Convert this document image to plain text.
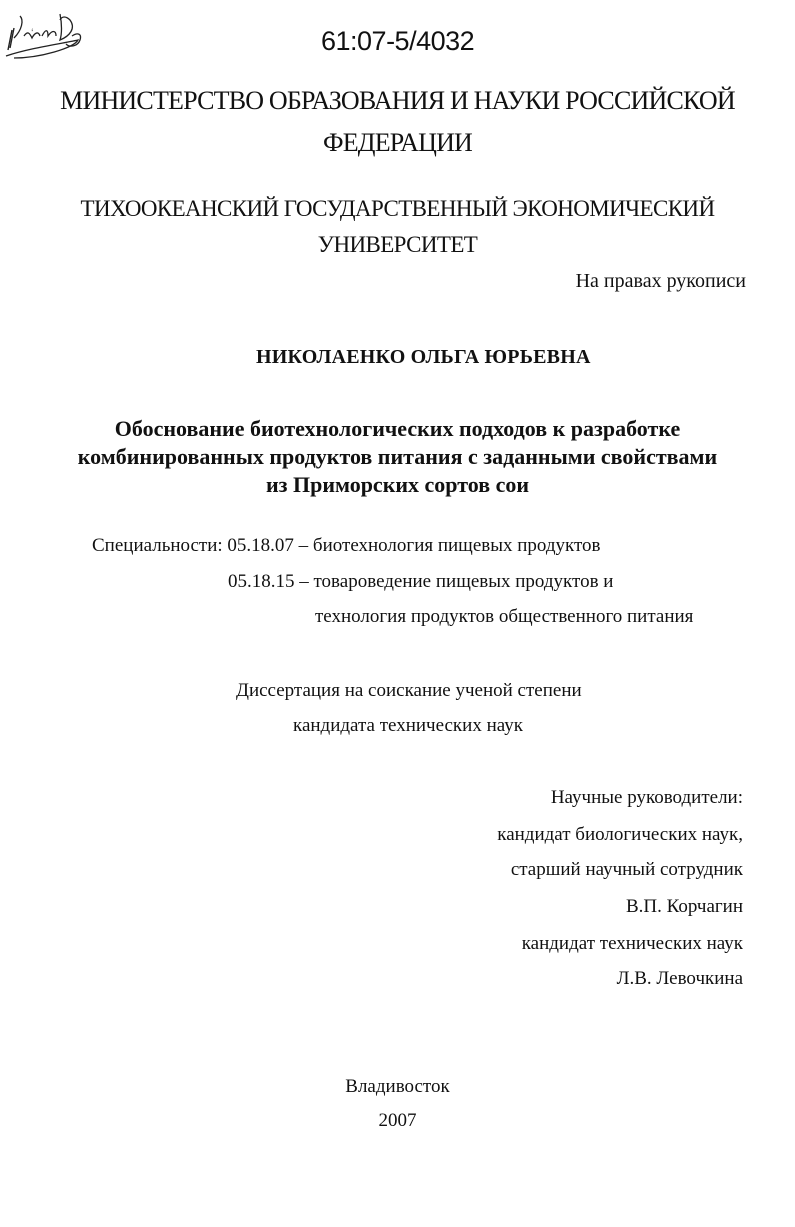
‘	61:07-5/4032
МИНИСТЕРСТВО ОБРАЗОВАНИЯ И НАУКИ РОССИЙСКОЙ
ФЕДЕРАЦИИ
ТИХООКЕАНСКИЙ ГОСУДАРСТВЕННЫЙ ЭКОНОМИЧЕСКИЙ
УНИВЕРСИТЕТ
На правах рукописи
НИКОЛАЕНКО ОЛЬГА ЮРЬЕВНА
Обоснование биотехнологических подходов к разработке
комбинированных продуктов питания с заданными свойствами
из Приморских сортов сои
Специальности: 05.18.07 – биотехнология пищевых продуктов
05.18.15 – товароведение пищевых продуктов и
технология продуктов общественного питания
Диссертация на соискание ученой степени
кандидата технических наук
Научные руководители:
кандидат биологических наук,
старший научный сотрудник
В.П. Корчагин
кандидат технических наук
Л.В. Левочкина
Владивосток
2007
